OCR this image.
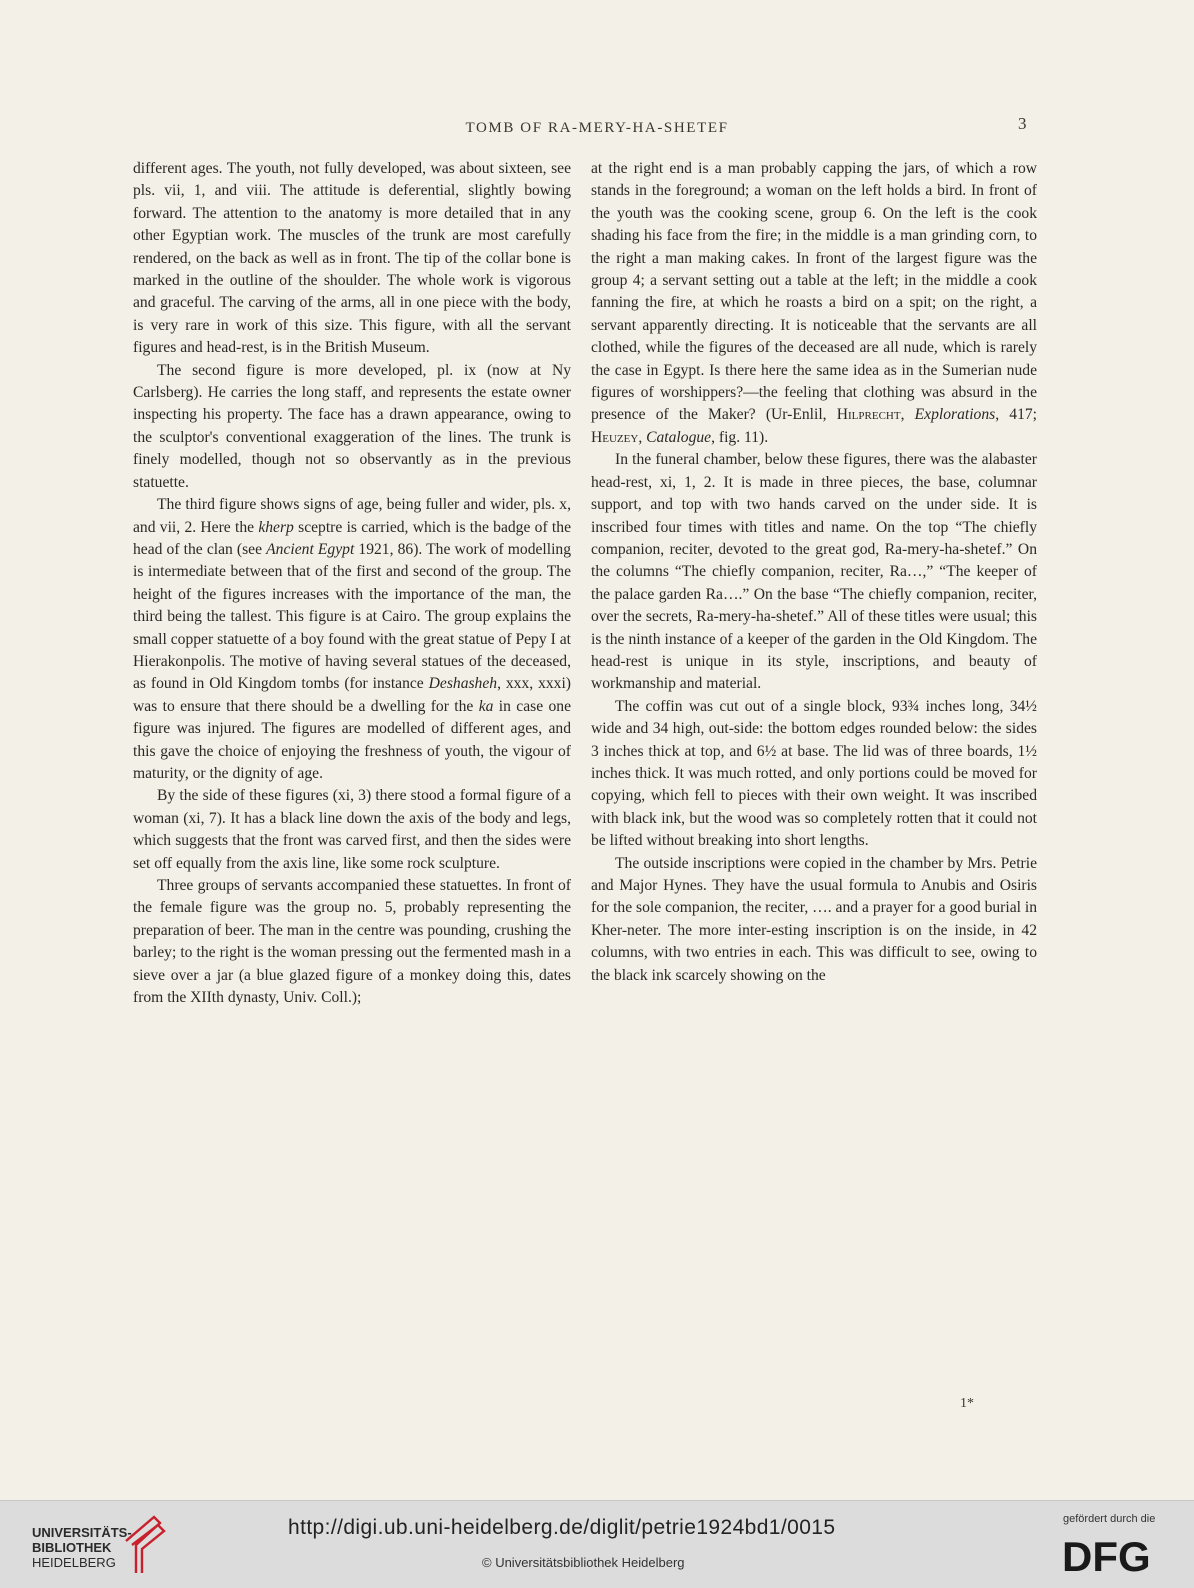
TOMB OF RA-MERY-HA-SHETEF	3

different ages. The youth, not fully developed, was about sixteen, see pls. vii, 1, and viii. The attitude is deferential, slightly bowing forward. The attention to the anatomy is more detailed that in any other Egyptian work. The muscles of the trunk are most carefully rendered, on the back as well as in front. The tip of the collar bone is marked in the outline of the shoulder. The whole work is vigorous and graceful. The carving of the arms, all in one piece with the body, is very rare in work of this size. This figure, with all the servant figures and head-rest, is in the British Museum.

The second figure is more developed, pl. ix (now at Ny Carlsberg). He carries the long staff, and represents the estate owner inspecting his property. The face has a drawn appearance, owing to the sculptor's conventional exaggeration of the lines. The trunk is finely modelled, though not so observantly as in the previous statuette.

The third figure shows signs of age, being fuller and wider, pls. x, and vii, 2. Here the kherp sceptre is carried, which is the badge of the head of the clan (see Ancient Egypt 1921, 86). The work of modelling is intermediate between that of the first and second of the group. The height of the figures increases with the importance of the man, the third being the tallest. This figure is at Cairo. The group explains the small copper statuette of a boy found with the great statue of Pepy I at Hierakonpolis. The motive of having several statues of the deceased, as found in Old Kingdom tombs (for instance Deshasheh, xxx, xxxi) was to ensure that there should be a dwelling for the ka in case one figure was injured. The figures are modelled of different ages, and this gave the choice of enjoying the freshness of youth, the vigour of maturity, or the dignity of age.

By the side of these figures (xi, 3) there stood a formal figure of a woman (xi, 7). It has a black line down the axis of the body and legs, which suggests that the front was carved first, and then the sides were set off equally from the axis line, like some rock sculpture.

Three groups of servants accompanied these statuettes. In front of the female figure was the group no. 5, probably representing the preparation of beer. The man in the centre was pounding, crushing the barley; to the right is the woman pressing out the fermented mash in a sieve over a jar (a blue glazed figure of a monkey doing this, dates from the XIIth dynasty, Univ. Coll.);

at the right end is a man probably capping the jars, of which a row stands in the foreground; a woman on the left holds a bird. In front of the youth was the cooking scene, group 6. On the left is the cook shading his face from the fire; in the middle is a man grinding corn, to the right a man making cakes. In front of the largest figure was the group 4; a servant setting out a table at the left; in the middle a cook fanning the fire, at which he roasts a bird on a spit; on the right, a servant apparently directing. It is noticeable that the servants are all clothed, while the figures of the deceased are all nude, which is rarely the case in Egypt. Is there here the same idea as in the Sumerian nude figures of worshippers?—the feeling that clothing was absurd in the presence of the Maker? (Ur-Enlil, Hilprecht, Explorations, 417; Heuzey, Catalogue, fig. 11).

In the funeral chamber, below these figures, there was the alabaster head-rest, xi, 1, 2. It is made in three pieces, the base, columnar support, and top with two hands carved on the under side. It is inscribed four times with titles and name. On the top “The chiefly companion, reciter, devoted to the great god, Ra-mery-ha-shetef.” On the columns “The chiefly companion, reciter, Ra…,” “The keeper of the palace garden Ra….” On the base “The chiefly companion, reciter, over the secrets, Ra-mery-ha-shetef.” All of these titles were usual; this is the ninth instance of a keeper of the garden in the Old Kingdom. The head-rest is unique in its style, inscriptions, and beauty of workmanship and material.

The coffin was cut out of a single block, 93¾ inches long, 34½ wide and 34 high, out-side: the bottom edges rounded below: the sides 3 inches thick at top, and 6½ at base. The lid was of three boards, 1½ inches thick. It was much rotted, and only portions could be moved for copying, which fell to pieces with their own weight. It was inscribed with black ink, but the wood was so completely rotten that it could not be lifted without breaking into short lengths.

The outside inscriptions were copied in the chamber by Mrs. Petrie and Major Hynes. They have the usual formula to Anubis and Osiris for the sole companion, the reciter, …. and a prayer for a good burial in Kher-neter. The more inter-esting inscription is on the inside, in 42 columns, with two entries in each. This was difficult to see, owing to the black ink scarcely showing on the

1*
UNIVERSITÄTS-
BIBLIOTHEK
HEIDELBERG
http://digi.ub.uni-heidelberg.de/diglit/petrie1924bd1/0015
© Universitätsbibliothek Heidelberg
gefördert durch die
DFG
